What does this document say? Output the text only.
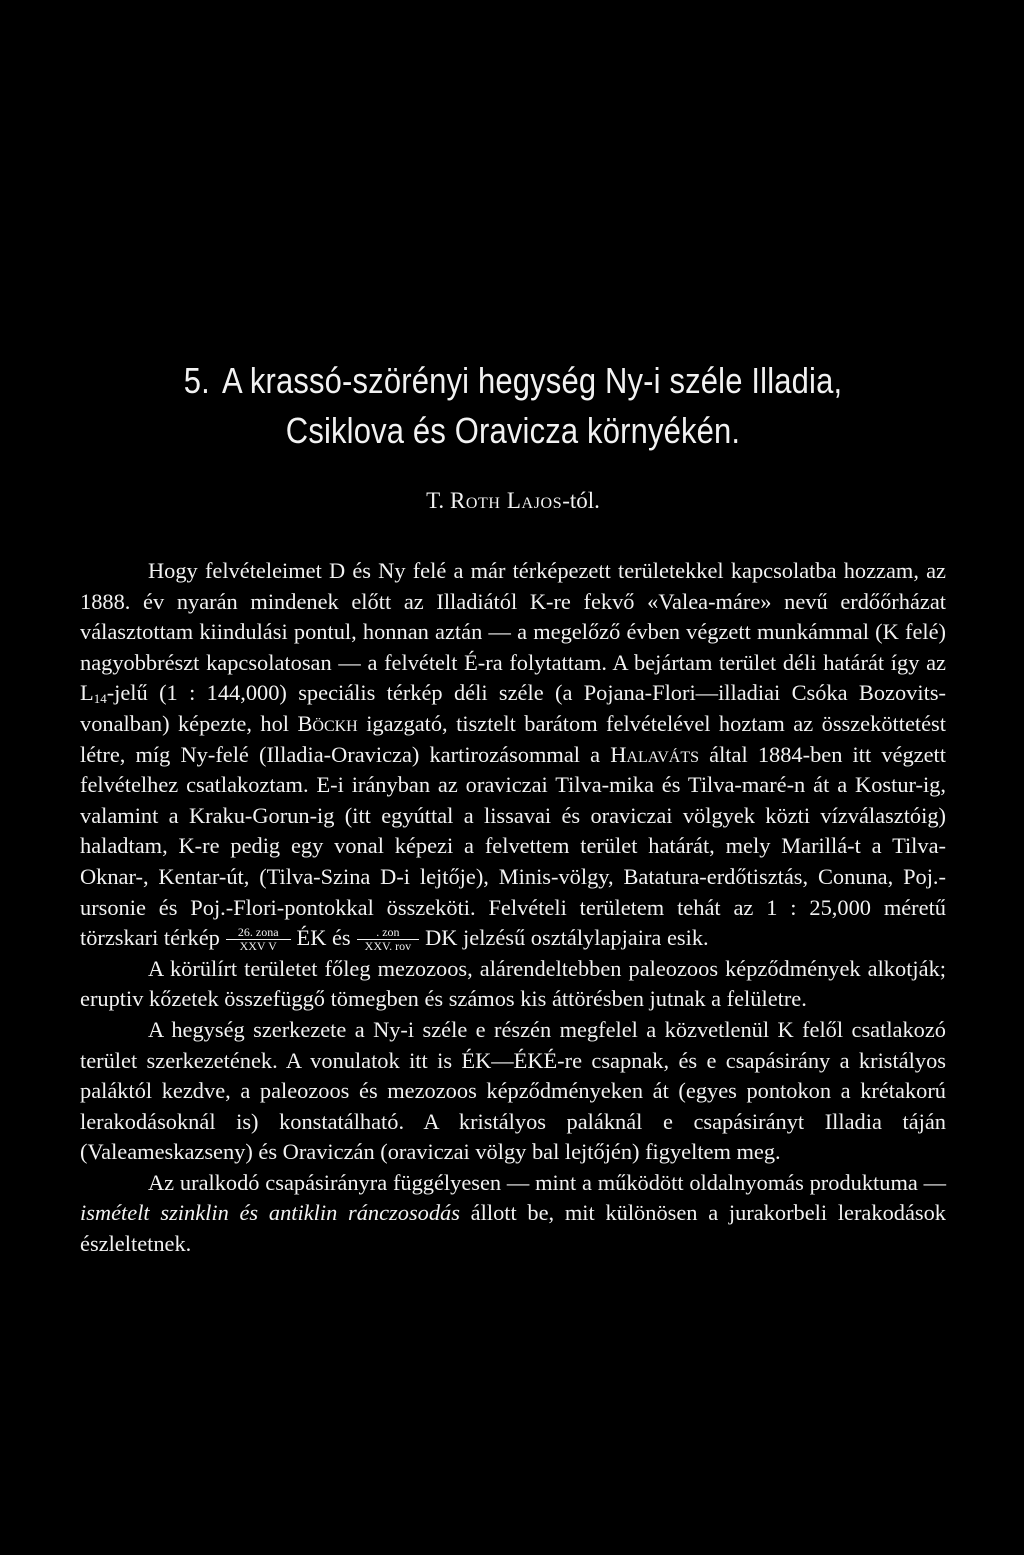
5. A krassó-szörényi hegység Ny-i széle Illadia, Csiklova és Oravicza környékén.
T. Roth Lajos-tól.

Hogy felvételeimet D és Ny felé a már térképezett területekkel kapcsolatba hozzam, az 1888. év nyarán mindenek előtt az Illadiától K-re fekvő «Valea-máre» nevű erdőőrházat választottam kiindulási pontul, honnan aztán — a megelőző évben végzett munkámmal (K felé) nagyobbrészt kapcsolatosan — a felvételt É-ra folytattam. A bejártam terület déli határát így az $L_{14}$-jelű (1 : 144,000) speciális térkép déli széle (a Pojana-Flori—illadiai Csóka Bozovits-vonalban) képezte, hol Böckh igazgató, tisztelt barátom felvételével hoztam az összeköttetést létre, míg Ny-felé (Illadia-Oravicza) kartirozásommal a Halaváts által 1884-ben itt végzett felvételhez csatlakoztam. E-i irányban az oraviczai Tilva-mika és Tilva-maré-n át a Kostur-ig, valamint a Kraku-Gorun-ig (itt egyúttal a lissavai és oraviczai völgyek közti vízválasztóig) haladtam, K-re pedig egy vonal képezi a felvettem terület határát, mely Marillá-t a Tilva-Oknar-, Kentar-út, (Tilva-Szina D-i lejtője), Minis-völgy, Batatura-erdőtisztás, Conuna, Poj.-ursonie és Poj.-Flori-pontokkal összeköti. Felvételi területem tehát az 1 : 25,000 méretű törzskari térkép $\frac{\text{26. zona}}{\text{XXV V}}$ ÉK és $\frac{\text{. zon}}{\text{XXV. rov}}$ DK jelzésű osztálylapjaira esik.

A körülírt területet főleg mezozoos, alárendeltebben paleozoos képződmények alkotják; eruptiv kőzetek összefüggő tömegben és számos kis áttörésben jutnak a felületre.

A hegység szerkezete a Ny-i széle e részén megfelel a közvetlenül K felől csatlakozó terület szerkezetének. A vonulatok itt is ÉK—ÉKÉ-re csapnak, és e csapásirány a kristályos paláktól kezdve, a paleozoos és mezozoos képződményeken át (egyes pontokon a krétakorú lerakodásoknál is) konstatálható. A kristályos paláknál e csapásirányt Illadia táján (Valeameskazseny) és Oraviczán (oraviczai völgy bal lejtőjén) figyeltem meg.

Az uralkodó csapásirányra függélyesen — mint a működött oldalnyomás produktuma — ismételt szinklin és antiklin ránczosodás állott be, mit különösen a jurakorbeli lerakodások észleltetnek.
